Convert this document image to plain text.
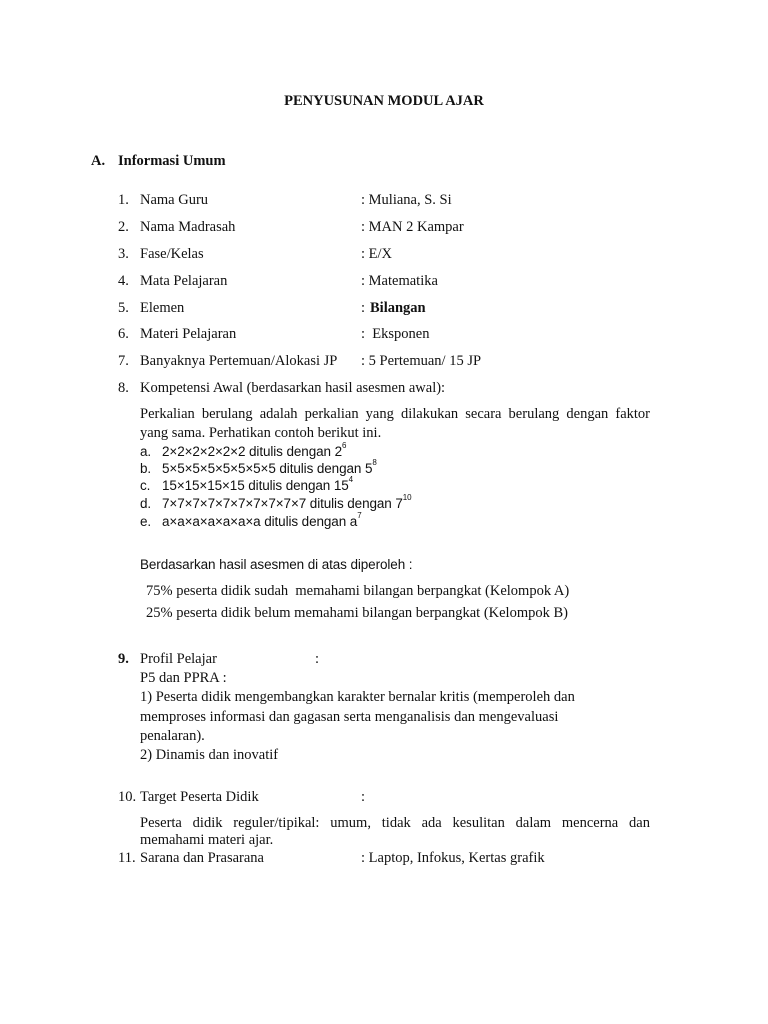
PENYUSUNAN MODUL AJAR
A. Informasi Umum
1. Nama Guru	: Muliana, S. Si
2. Nama Madrasah	: MAN 2 Kampar
3. Fase/Kelas	: E/X
4. Mata Pelajaran	: Matematika
5. Elemen	: Bilangan
6. Materi Pelajaran	:  Eksponen
7. Banyaknya Pertemuan/Alokasi JP : 5 Pertemuan/ 15 JP
8. Kompetensi Awal (berdasarkan hasil asesmen awal):
Perkalian berulang adalah perkalian yang dilakukan secara berulang dengan faktor
yang sama. Perhatikan contoh berikut ini.
a. 2×2×2×2×2×2 ditulis dengan $2^6$
b. 5×5×5×5×5×5×5×5 ditulis dengan $5^8$
c. 15×15×15×15 ditulis dengan $15^4$
d. 7×7×7×7×7×7×7×7×7×7 ditulis dengan $7^{10}$
e. a×a×a×a×a×a×a ditulis dengan $a^7$
Berdasarkan hasil asesmen di atas diperoleh :
75% peserta didik sudah  memahami bilangan berpangkat (Kelompok A)
25% peserta didik belum memahami bilangan berpangkat (Kelompok B)
9. Profil Pelajar	:
P5 dan PPRA :
1) Peserta didik mengembangkan karakter bernalar kritis (memperoleh dan
memproses informasi dan gagasan serta menganalisis dan mengevaluasi
penalaran).
2) Dinamis dan inovatif
10. Target Peserta Didik	:
Peserta didik reguler/tipikal: umum, tidak ada kesulitan dalam mencerna dan
memahami materi ajar.
11. Sarana dan Prasarana	: Laptop, Infokus, Kertas grafik
